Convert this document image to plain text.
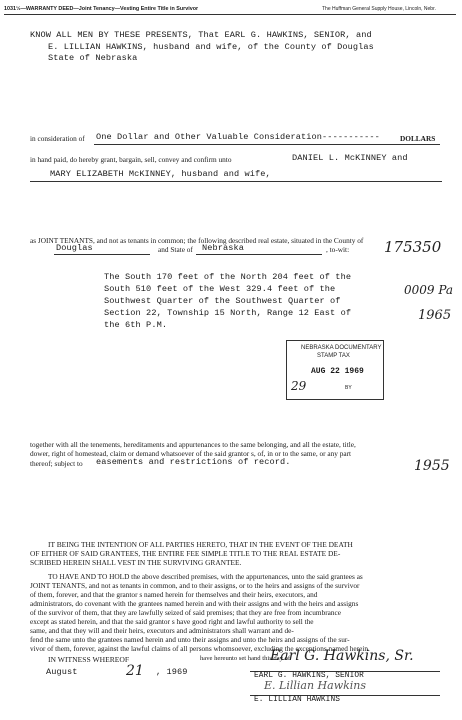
1031½—WARRANTY DEED—Joint Tenancy—Vesting Entire Title in Survivor	The Huffman General Supply House, Lincoln, Nebr.
KNOW ALL MEN BY THESE PRESENTS, That EARL G. HAWKINS, SENIOR, and
E. LILLIAN HAWKINS, husband and wife, of the County of Douglas
State of Nebraska
in consideration of One Dollar and Other Valuable Consideration-----------	DOLLARS
in hand paid, do hereby grant, bargain, sell, convey and confirm unto	DANIEL L. McKINNEY and
MARY ELIZABETH McKINNEY, husband and wife,
as JOINT TENANTS, and not as tenants in common; the following described real estate, situated in the County of
Douglas	and State of Nebraska	, to-wit:
The South 170 feet of the North 204 feet of the
South 510 feet of the West 329.4 feet of the
Southwest Quarter of the Southwest Quarter of
Section 22, Township 15 North, Range 12 East of
the 6th P.M.
175350
0009 Pa
1965
1955
NEBRASKA DOCUMENTARY
STAMP TAX
AUG 22 1969
29	BY
together with all the tenements, hereditaments and appurtenances to the same belonging, and all the estate, title,
dower, right of homestead, claim or demand whatsoever of the said grantor s, of, in or to the same, or any part
thereof; subject to easements and restrictions of record.
IT BEING THE INTENTION OF ALL PARTIES HERETO, THAT IN THE EVENT OF THE DEATH
OF EITHER OF SAID GRANTEES, THE ENTIRE FEE SIMPLE TITLE TO THE REAL ESTATE DE-
SCRIBED HEREIN SHALL VEST IN THE SURVIVING GRANTEE.
TO HAVE AND TO HOLD the above described premises, with the appurtenances, unto the said grantees as
JOINT TENANTS, and not as tenants in common, and to their assigns, or to the heirs and assigns of the survivor
of them, forever, and that the grantor s named herein for themselves and their heirs, executors, and
administrators, do covenant with the grantees named herein and with their assigns and with the heirs and assigns
of the survivor of them, that they are lawfully seized of said premises; that they are free from incumbrance
except as stated herein, and that the said grantor s have good right and lawful authority to sell the
same, and that they will and their heirs, executors and administrators shall warrant and de-
fend the same unto the grantees named herein and unto their assigns and unto the heirs and assigns of the sur-
vivor of them, forever, against the lawful claims of all persons whomsoever, excluding the exceptions named herein.
IN WITNESS WHEREOF	have hereunto set hand this day of
August	21 , 1969
Earl G. Hawkins, Sr.
EARL G. HAWKINS, SENIOR
E. Lillian Hawkins
E. LILLIAN HAWKINS
